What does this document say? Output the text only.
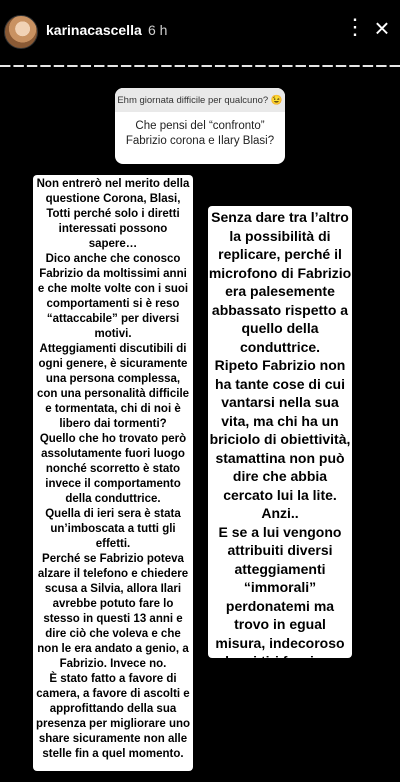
karinacascella 6 h	⋮ ×
Ehm giornata difficile per qualcuno? 😉
Che pensi del “confronto” Fabrizio corona e Ilary Blasi?

Non entrerò nel merito della questione Corona, Blasi, Totti perché solo i diretti interessati possono sapere…

Dico anche che conosco Fabrizio da moltissimi anni e che molte volte con i suoi comportamenti si è reso “attaccabile” per diversi motivi.

Atteggiamenti discutibili di ogni genere, è sicuramente una persona complessa, con una personalità difficile e tormentata, chi di noi è libero dai tormenti?

Quello che ho trovato però assolutamente fuori luogo nonché scorretto è stato invece il comportamento della conduttrice.

Quella di ieri sera è stata un’imboscata a tutti gli effetti.

Perché se Fabrizio poteva alzare il telefono e chiedere scusa a Silvia, allora Ilari avrebbe potuto fare lo stesso in questi 13 anni e dire ciò che voleva e che non le era andato a genio, a Fabrizio. Invece no.

È stato fatto a favore di camera, a favore di ascolti e approfittando della sua presenza per migliorare uno share sicuramente non alle stelle fin a quel momento.

Senza dare tra l’altro la possibilità di replicare, perché il microfono di Fabrizio era palesemente abbassato rispetto a quello della conduttrice.

Ripeto Fabrizio non ha tante cose di cui vantarsi nella sua vita, ma chi ha un briciolo di obiettività, stamattina non può dire che abbia cercato lui la lite. Anzi..

E se a lui vengono attribuiti diversi atteggiamenti “immorali” perdonatemi ma trovo in egual misura, indecoroso che si tiri fuori una questione che risale a 13 anni fa, per movimentare una situazione di ascolti bassi.
